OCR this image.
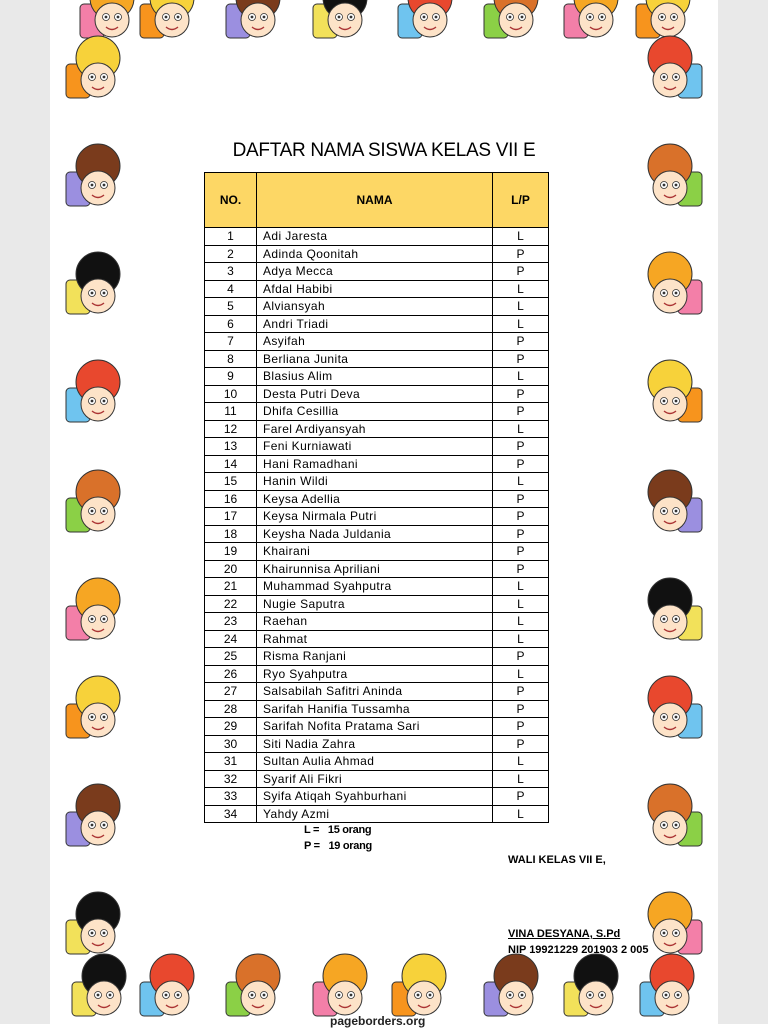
DAFTAR NAMA SISWA KELAS VII E
NO.	NAMA	L/P
1	Adi Jaresta	L
2	Adinda Qoonitah	P
3	Adya Mecca	P
4	Afdal Habibi	L
5	Alviansyah	L
6	Andri Triadi	L
7	Asyifah	P
8	Berliana Junita	P
9	Blasius Alim	L
10	Desta Putri Deva	P
11	Dhifa Cesillia	P
12	Farel Ardiyansyah	L
13	Feni Kurniawati	P
14	Hani Ramadhani	P
15	Hanin Wildi	L
16	Keysa Adellia	P
17	Keysa Nirmala Putri	P
18	Keysha Nada Juldania	P
19	Khairani	P
20	Khairunnisa Apriliani	P
21	Muhammad Syahputra	L
22	Nugie Saputra	L
23	Raehan	L
24	Rahmat	L
25	Risma Ranjani	P
26	Ryo Syahputra	L
27	Salsabilah Safitri Aninda	P
28	Sarifah Hanifia Tussamha	P
29	Sarifah Nofita Pratama Sari	P
30	Siti Nadia Zahra	P
31	Sultan Aulia Ahmad	L
32	Syarif Ali Fikri	L
33	Syifa Atiqah Syahburhani	P
34	Yahdy Azmi	L
L = 15 orang
P = 19 orang
WALI KELAS VII E,
VINA DESYANA, S.Pd
NIP 19921229 201903 2 005
pageborders.org
